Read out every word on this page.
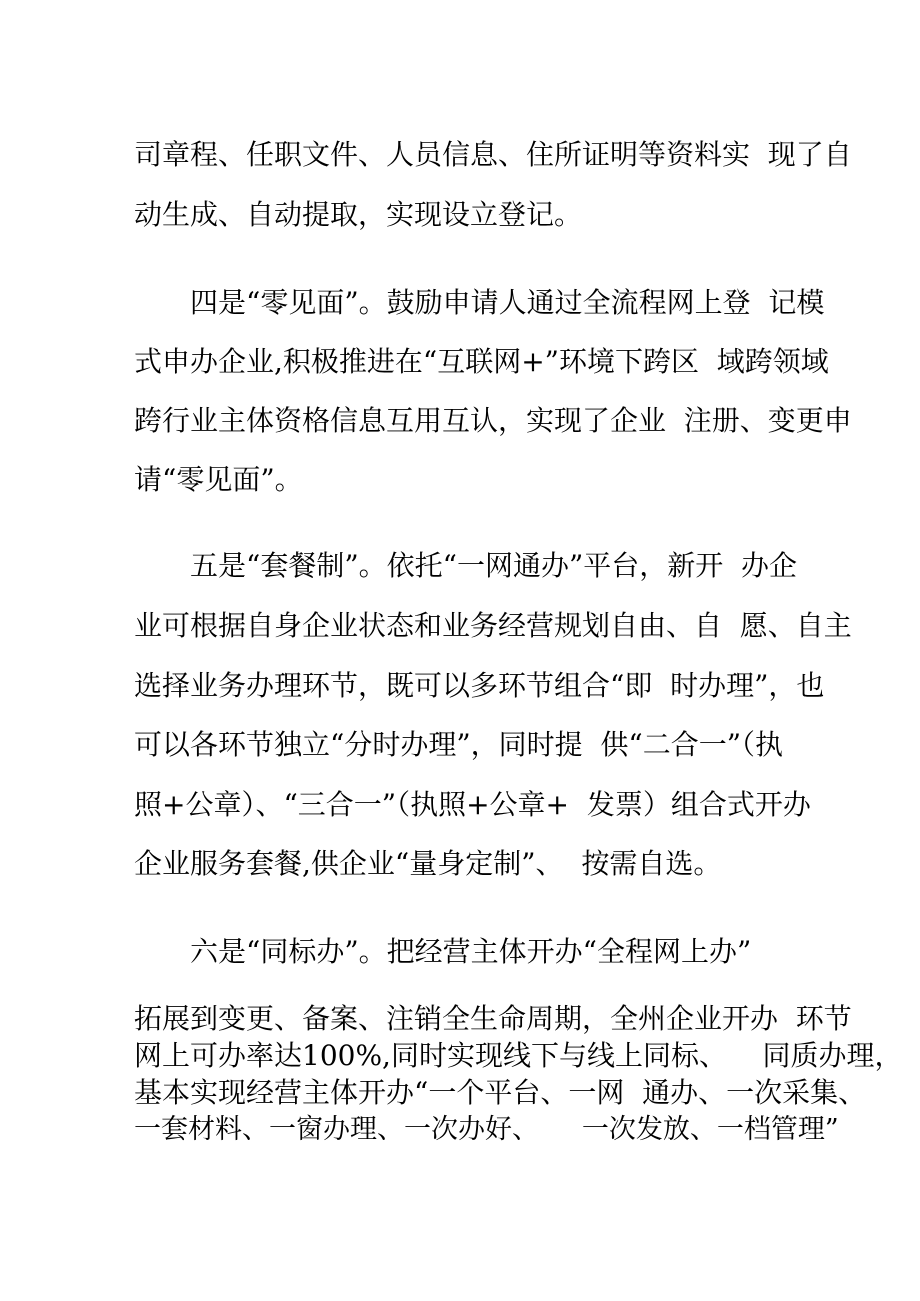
司章程、任职文件、人员信息、住所证明等资料实  现了自
动生成、自动提取，实现设立登记。
四是“零见面”。鼓励申请人通过全流程网上登  记模
式申办企业,积极推进在“互联网+”环境下跨区  域跨领域
跨行业主体资格信息互用互认，实现了企业  注册、变更申
请“零见面”。
五是“套餐制”。依托“一网通办”平台，新开  办企
业可根据自身企业状态和业务经营规划自由、自  愿、自主
选择业务办理环节，既可以多环节组合“即  时办理”，也
可以各环节独立“分时办理”，同时提  供“二合一”（执
照+公章）、“三合一”（执照+公章+  发票）组合式开办
企业服务套餐,供企业“量身定制”、  按需自选。
六是“同标办”。把经营主体开办“全程网上办”
拓展到变更、备案、注销全生命周期，全州企业开办  环节
网上可办率达100%,同时实现线下与线上同标、    同质办理，
基本实现经营主体开办“一个平台、一网  通办、一次采集、
一套材料、一窗办理、一次办好、     一次发放、一档管理”
